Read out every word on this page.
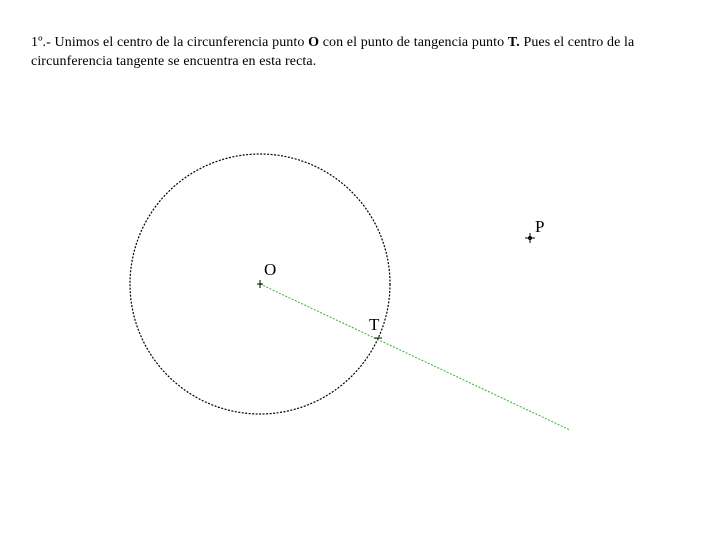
1º.- Unimos el centro de la circunferencia punto O con el punto de tangencia punto T. Pues el centro de la circunferencia tangente se encuentra en esta recta.
O
T
P
